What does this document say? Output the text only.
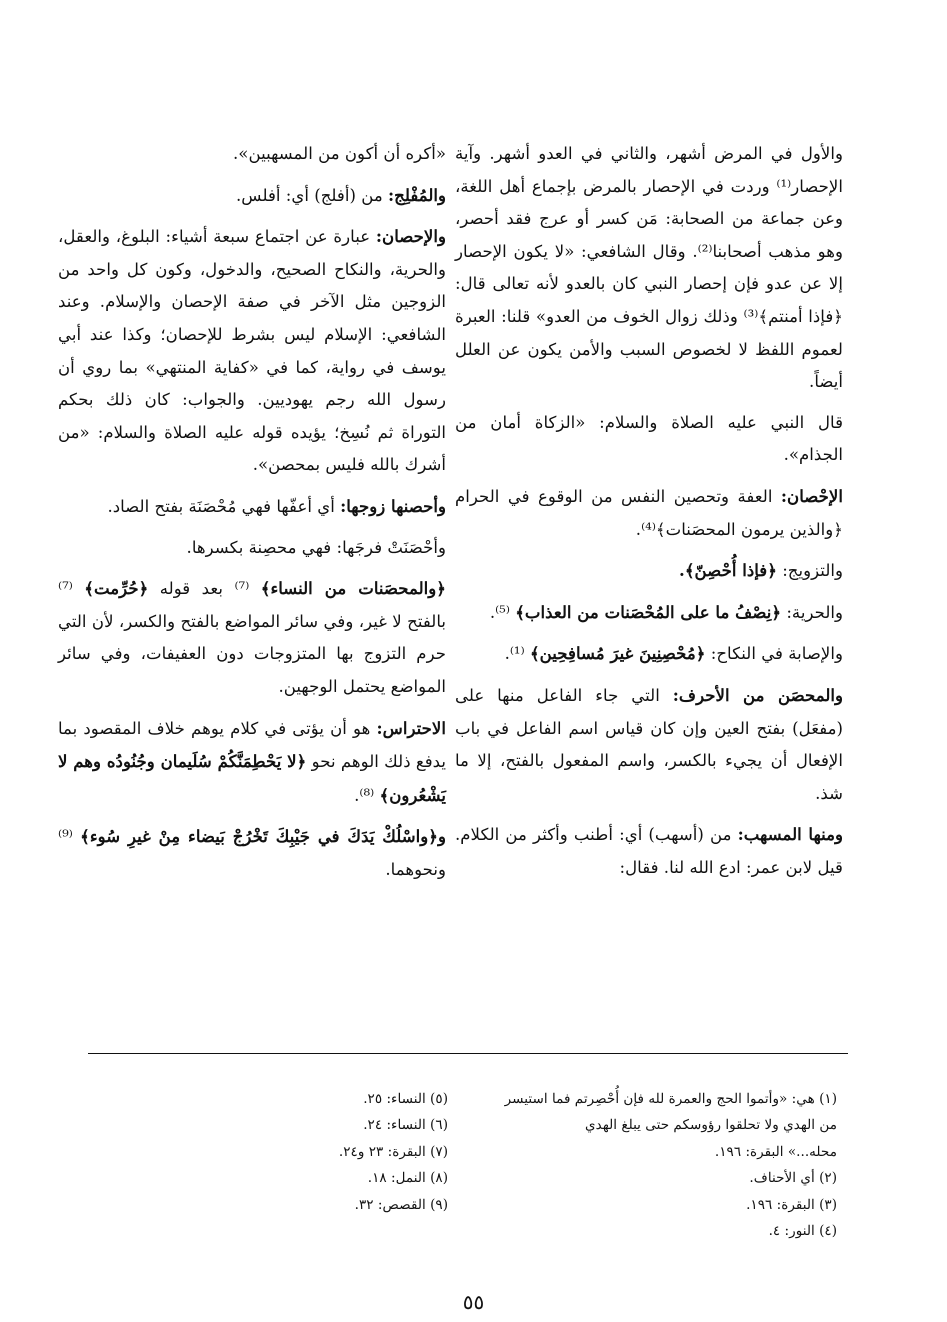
والأول في المرض أشهر، والثاني في العدو أشهر. وآية الإحصار⁽¹⁾ وردت في الإحصار بالمرض بإجماع أهل اللغة، وعن جماعة من الصحابة: مَن كسر أو عرج فقد أحصر، وهو مذهب أصحابنا⁽²⁾. وقال الشافعي: «لا يكون الإحصار إلا عن عدو فإن إحصار النبي كان بالعدو لأنه تعالى قال: ﴿فإذا أمنتم﴾⁽³⁾ وذلك زوال الخوف من العدو» قلنا: العبرة لعموم اللفظ لا لخصوص السبب والأمن يكون عن العلل أيضاً.

قال النبي عليه الصلاة والسلام: «الزكاة أمان من الجذام».

الإحْصان: العفة وتحصين النفس من الوقوع في الحرام ﴿والذين يرمون المحصَنات﴾⁽⁴⁾.

والتزويج: ﴿فإذا أُحْصِنّ﴾.

والحرية: ﴿نِصْفُ ما على المُحْصَنات من العذاب﴾ ⁽⁵⁾.

والإصابة في النكاح: ﴿مُحْصِنِينَ غيرَ مُسافِحِين﴾ ⁽¹⁾.

والمحصَن من الأحرف: التي جاء الفاعل منها على (مفعَل) بفتح العين وإن كان قياس اسم الفاعل في باب الإفعال أن يجيء بالكسر، واسم المفعول بالفتح، إلا ما شذ.

ومنها المسهب: من (أسهب) أي: أطنب وأكثر من الكلام. قيل لابن عمر: ادع الله لنا. فقال:

«أكره أن أكون من المسهبين».

والمُفْلِج: من (أفلج) أي: أفلس.

والإحصان: عبارة عن اجتماع سبعة أشياء: البلوغ، والعقل، والحرية، والنكاح الصحيح، والدخول، وكون كل واحد من الزوجين مثل الآخر في صفة الإحصان والإسلام. وعند الشافعي: الإسلام ليس بشرط للإحصان؛ وكذا عند أبي يوسف في رواية، كما في «كفاية المنتهي» بما روي أن رسول الله رجم يهوديين. والجواب: كان ذلك بحكم التوراة ثم نُسِخ؛ يؤيده قوله عليه الصلاة والسلام: «من أشرك بالله فليس بمحصن».

وأحصنها زوجها: أي أعفّها فهي مُحْصَنَة بفتح الصاد.

وأحْصَنَتْ فرجَها: فهي محصِنة بكسرها.

﴿والمحصَنات من النساء﴾ ⁽⁷⁾ بعد قوله ﴿حُرِّمت﴾ ⁽⁷⁾ بالفتح لا غير، وفي سائر المواضع بالفتح والكسر، لأن التي حرم التزوج بها المتزوجات دون العفيفات، وفي سائر المواضع يحتمل الوجهين.

الاحتراس: هو أن يؤتى في كلام يوهم خلاف المقصود بما يدفع ذلك الوهم نحو ﴿لا يَحْطِمَنَّكُمْ سُلَيمان وجُنُودُه وهم لا يَشْعُرون﴾ ⁽⁸⁾.

و﴿واسْلُكْ يَدَكَ في جَيْبِكَ تَخْرُجْ بَيضاء مِنْ غيرِ سُوء﴾ ⁽⁹⁾ ونحوهما.

(١) هي: «وأتموا الحج والعمرة لله فإن أُحْصِرتم فما استيسر
من الهدي ولا تحلقوا رؤوسكم حتى يبلغ الهدي
محله...» البقرة: ١٩٦.
(٢) أي الأحناف.
(٣) البقرة: ١٩٦.
(٤) النور: ٤.
(٥) النساء: ٢٥.
(٦) النساء: ٢٤.
(٧) البقرة: ٢٣ و٢٤.
(٨) النمل: ١٨.
(٩) القصص: ٣٢.
٥٥
